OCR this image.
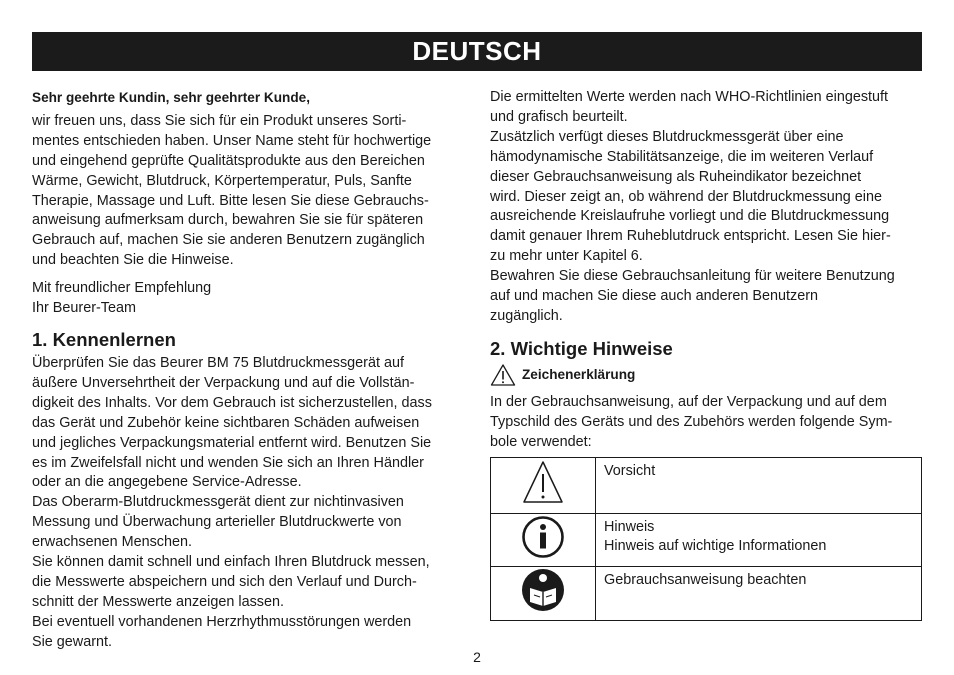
DEUTSCH

Sehr geehrte Kundin, sehr geehrter Kunde,

wir freuen uns, dass Sie sich für ein Produkt unseres Sorti-
mentes entschieden haben. Unser Name steht für hochwertige
und eingehend geprüfte Qualitätsprodukte aus den Bereichen
Wärme, Gewicht, Blutdruck, Körpertemperatur, Puls, Sanfte
Therapie, Massage und Luft. Bitte lesen Sie diese Gebrauchs-
anweisung aufmerksam durch, bewahren Sie sie für späteren
Gebrauch auf, machen Sie sie anderen Benutzern zugänglich
und beachten Sie die Hinweise.

Mit freundlicher Empfehlung
Ihr Beurer-Team

1. Kennenlernen

Überprüfen Sie das Beurer BM 75 Blutdruckmessgerät auf
äußere Unversehrtheit der Verpackung und auf die Vollstän-
digkeit des Inhalts. Vor dem Gebrauch ist sicherzustellen, dass
das Gerät und Zubehör keine sichtbaren Schäden aufweisen
und jegliches Verpackungsmaterial entfernt wird. Benutzen Sie
es im Zweifelsfall nicht und wenden Sie sich an Ihren Händler
oder an die angegebene Service-Adresse.
Das Oberarm-Blutdruckmessgerät dient zur nichtinvasiven
Messung und Überwachung arterieller Blutdruckwerte von
erwachsenen Menschen.
Sie können damit schnell und einfach Ihren Blutdruck messen,
die Messwerte abspeichern und sich den Verlauf und Durch-
schnitt der Messwerte anzeigen lassen.
Bei eventuell vorhandenen Herzrhythmusstörungen werden
Sie gewarnt.

Die ermittelten Werte werden nach WHO-Richtlinien eingestuft
und grafisch beurteilt.
Zusätzlich verfügt dieses Blutdruckmessgerät über eine
hämodynamische Stabilitätsanzeige, die im weiteren Verlauf
dieser Gebrauchsanweisung als Ruheindikator bezeichnet
wird. Dieser zeigt an, ob während der Blutdruckmessung eine
ausreichende Kreislaufruhe vorliegt und die Blutdruckmessung
damit genauer Ihrem Ruheblutdruck entspricht. Lesen Sie hier-
zu mehr unter Kapitel 6.
Bewahren Sie diese Gebrauchsanleitung für weitere Benutzung
auf und machen Sie diese auch anderen Benutzern
zugänglich.

2. Wichtige Hinweise
Zeichenerklärung

In der Gebrauchsanweisung, auf der Verpackung und auf dem
Typschild des Geräts und des Zubehörs werden folgende Sym-
bole verwendet:

	Vorsicht
	Hinweis
Hinweis auf wichtige Informationen
	Gebrauchsanweisung beachten
2
